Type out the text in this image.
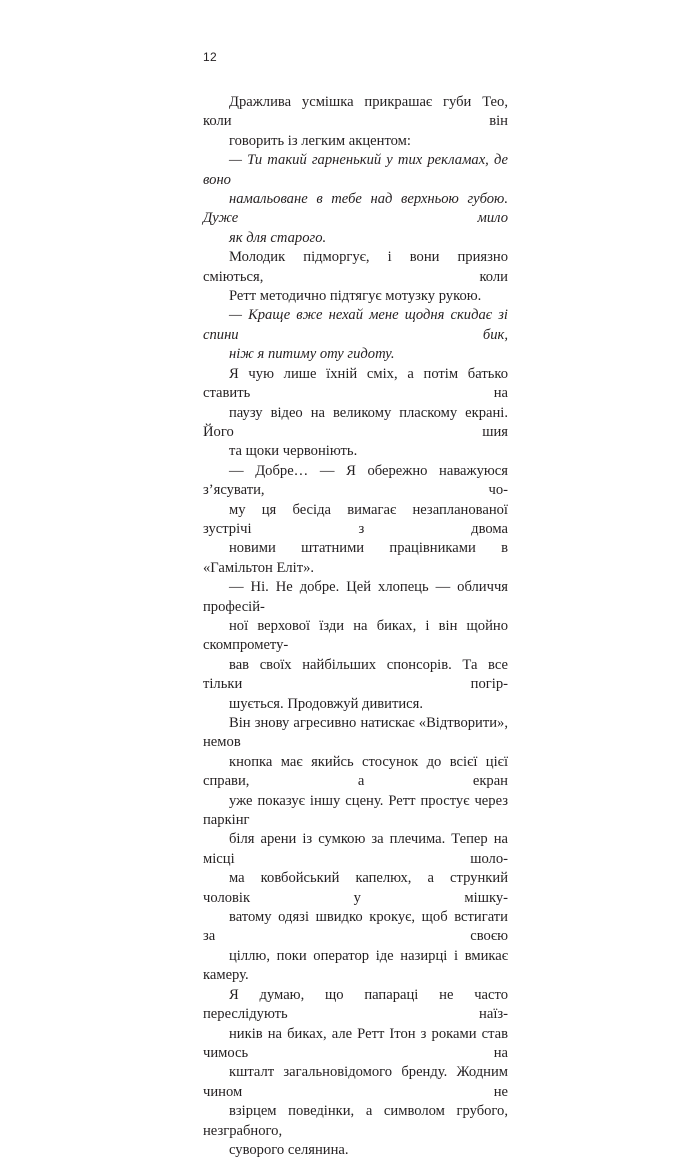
12

Дражлива усмішка прикрашає губи Тео, коли він
говорить із легким акцентом:

— Ти такий гарненький у тих рекламах, де воно
намальоване в тебе над верхньою губою. Дуже мило
як для старого.

Молодик підморгує, і вони приязно сміються, коли
Ретт методично підтягує мотузку рукою.

— Краще вже нехай мене щодня скидає зі спини бик,
ніж я питиму оту гидоту.

Я чую лише їхній сміх, а потім батько ставить на
паузу відео на великому пласкому екрані. Його шия
та щоки червоніють.

— Добре… — Я обережно наважуюся з’ясувати, чо-
му ця бесіда вимагає незапланованої зустрічі з двома
новими штатними працівниками в «Гамільтон Еліт».

— Ні. Не добре. Цей хлопець — обличчя професій-
ної верхової їзди на биках, і він щойно скомпромету-
вав своїх найбільших спонсорів. Та все тільки погір-
шується. Продовжуй дивитися.

Він знову агресивно натискає «Відтворити», немов
кнопка має якийсь стосунок до всієї цієї справи, а екран
уже показує іншу сцену. Ретт простує через паркінг
біля арени із сумкою за плечима. Тепер на місці шоло-
ма ковбойський капелюх, а стрункий чоловік у мішку-
ватому одязі швидко крокує, щоб встигати за своєю
ціллю, поки оператор іде назирці і вмикає камеру.

Я думаю, що папараці не часто переслідують наїз-
ників на биках, але Ретт Ітон з роками став чимось на
кшталт загальновідомого бренду. Жодним чином не
взірцем поведінки, а символом грубого, незграбного,
суворого селянина.
